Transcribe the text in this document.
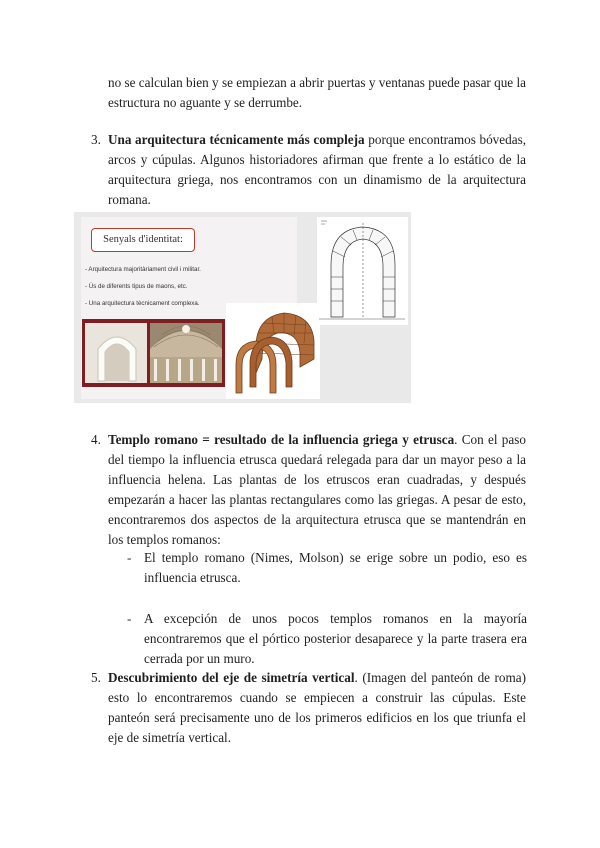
no se calculan bien y se empiezan a abrir puertas y ventanas puede pasar que la estructura no aguante y se derrumbe.

3. Una arquitectura técnicamente más compleja porque encontramos bóvedas, arcos y cúpulas. Algunos historiadores afirman que frente a lo estático de la arquitectura griega, nos encontramos con un dinamismo de la arquitectura romana.

Senyals d'identitat:
- Arquitectura majoritàriament civil i militar.
- Ús de diferents tipus de maons, etc.
- Una arquitectura tècnicament complexa.
4. Templo romano = resultado de la influencia griega y etrusca. Con el paso del tiempo la influencia etrusca quedará relegada para dar un mayor peso a la influencia helena. Las plantas de los etruscos eran cuadradas, y después empezarán a hacer las plantas rectangulares como las griegas. A pesar de esto, encontraremos dos aspectos de la arquitectura etrusca que se mantendrán en los templos romanos:

- El templo romano (Nimes, Molson) se erige sobre un podio, eso es influencia etrusca.

- A excepción de unos pocos templos romanos en la mayoría encontraremos que el pórtico posterior desaparece y la parte trasera era cerrada por un muro.

5. Descubrimiento del eje de simetría vertical. (Imagen del panteón de roma) esto lo encontraremos cuando se empiecen a construir las cúpulas. Este panteón será precisamente uno de los primeros edificios en los que triunfa el eje de simetría vertical.
